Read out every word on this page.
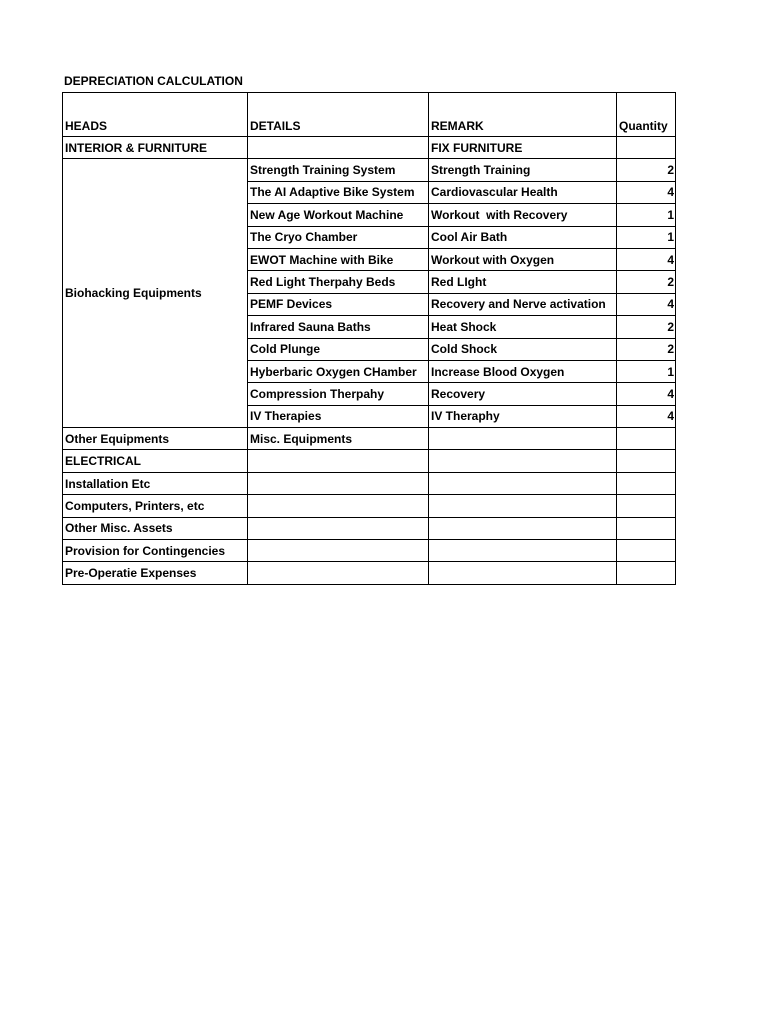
DEPRECIATION CALCULATION
HEADS	DETAILS	REMARK	Quantity
INTERIOR & FURNITURE		FIX FURNITURE	
Biohacking Equipments	Strength Training System	Strength Training	2
	The AI Adaptive Bike System	Cardiovascular Health	4
	New Age Workout Machine	Workout  with Recovery	1
	The Cryo Chamber	Cool Air Bath	1
	EWOT Machine with Bike	Workout with Oxygen	4
	Red Light Therpahy Beds	Red LIght	2
	PEMF Devices	Recovery and Nerve activation	4
	Infrared Sauna Baths	Heat Shock	2
	Cold Plunge	Cold Shock	2
	Hyberbaric Oxygen CHamber	Increase Blood Oxygen	1
	Compression Therpahy	Recovery	4
	IV Therapies	IV Theraphy	4
Other Equipments	Misc. Equipments		
ELECTRICAL			
Installation Etc			
Computers, Printers, etc			
Other Misc. Assets			
Provision for Contingencies			
Pre-Operatie Expenses			
